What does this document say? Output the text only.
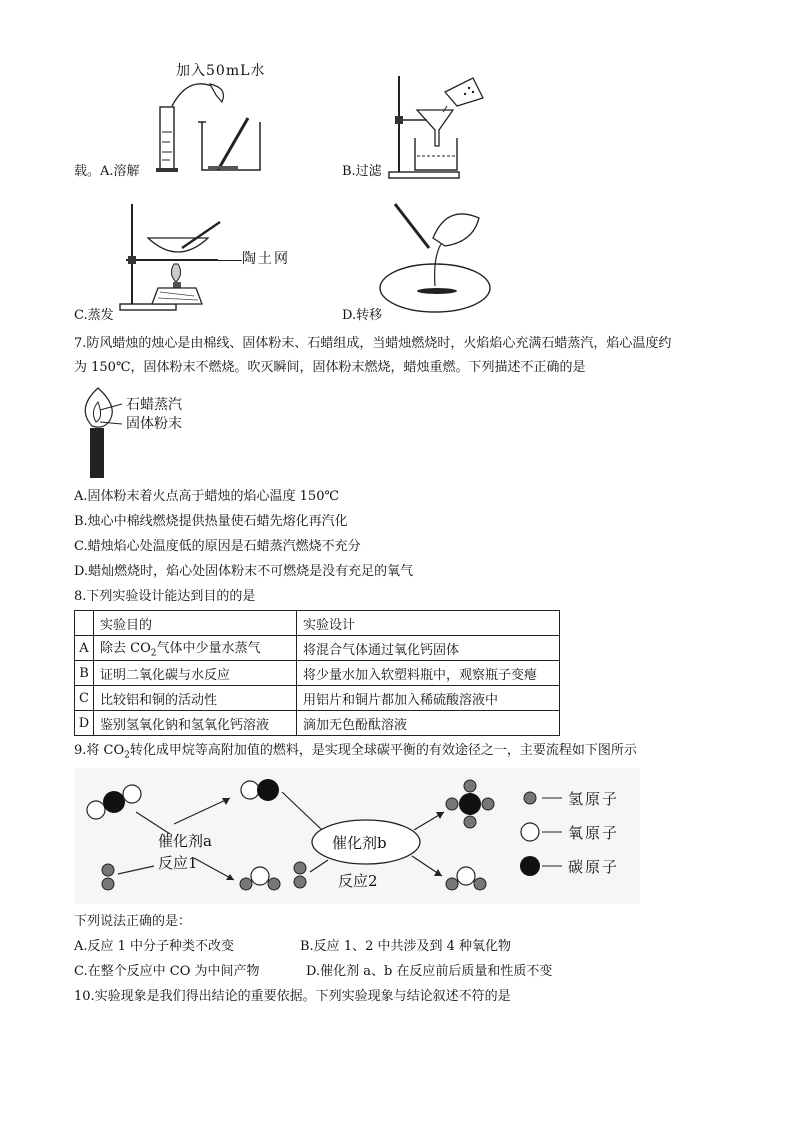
加入50mL水
载。 A.溶解	B.过滤
陶土网
C.蒸发	D.转移
7.防风蜡烛的烛心是由棉线、固体粉末、石蜡组成，当蜡烛燃烧时，火焰焰心充满石蜡蒸汽，焰心温度约
为 150℃，固体粉末不燃烧。吹灭瞬间，固体粉末燃烧，蜡烛重燃。下列描述不正确的是
石蜡蒸汽
固体粉末
A.固体粉末着火点高于蜡烛的焰心温度 150℃
B.烛心中棉线燃烧提供热量使石蜡先熔化再汽化
C.蜡烛焰心处温度低的原因是石蜡蒸汽燃烧不充分
D.蜡灿燃烧时，焰心处固体粉末不可燃烧是没有充足的氧气
8.下列实验设计能达到目的的是
	实验目的	实验设计
A	除去 $CO_2$气体中少量水蒸气	将混合气体通过氧化钙固体
B	证明二氧化碳与水反应	将少量水加入软塑料瓶中，观察瓶子变瘪
C	比较铝和铜的活动性	用铝片和铜片都加入稀硫酸溶液中
D	鉴别氢氧化钠和氢氧化钙溶液	滴加无色酚酞溶液
9.将 $CO_2$转化成甲烷等高附加值的燃料，是实现全球碳平衡的有效途径之一，主要流程如下图所示
催化剂a
反应1
催化剂b
反应2
氢原子
氧原子
碳原子
下列说法正确的是：
A.反应 1 中分子种类不改变	B.反应 1、2 中共涉及到 4 种氧化物
C.在整个反应中 CO 为中间产物	D.催化剂 a、b 在反应前后质量和性质不变
10.实验现象是我们得出结论的重要依据。下列实验现象与结论叙述不符的是
